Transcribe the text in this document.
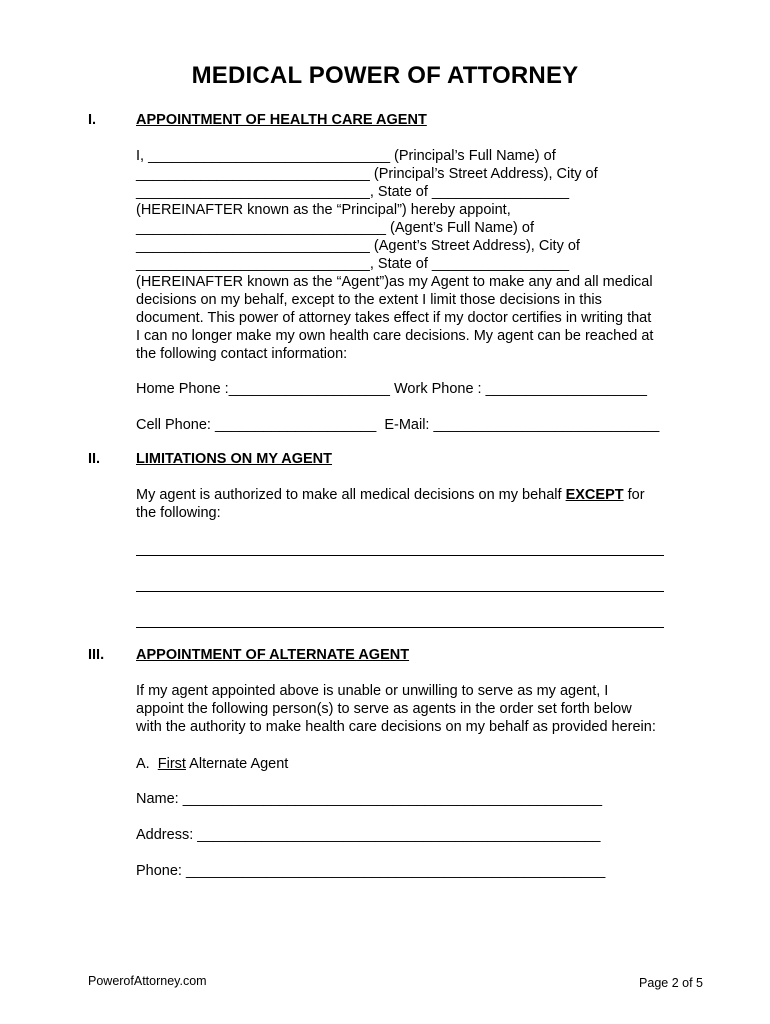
MEDICAL POWER OF ATTORNEY
I.	APPOINTMENT OF HEALTH CARE AGENT
I, ______________________________ (Principal’s Full Name) of
_____________________________ (Principal’s Street Address), City of
_____________________________, State of _________________
(HEREINAFTER known as the “Principal”) hereby appoint,
_______________________________ (Agent’s Full Name) of
_____________________________ (Agent’s Street Address), City of
_____________________________, State of _________________
(HEREINAFTER known as the “Agent”)as my Agent to make any and all medical
decisions on my behalf, except to the extent I limit those decisions in this
document. This power of attorney takes effect if my doctor certifies in writing that
I can no longer make my own health care decisions. My agent can be reached at
the following contact information:
Home Phone :____________________ Work Phone : ____________________
Cell Phone: ____________________  E-Mail: ____________________________
II. LIMITATIONS ON MY AGENT
My agent is authorized to make all medical decisions on my behalf EXCEPT for
the following:
III. APPOINTMENT OF ALTERNATE AGENT
If my agent appointed above is unable or unwilling to serve as my agent, I
appoint the following person(s) to serve as agents in the order set forth below
with the authority to make health care decisions on my behalf as provided herein:
A.  First Alternate Agent
Name: ____________________________________________________
Address: __________________________________________________
Phone: ____________________________________________________
PowerofAttorney.com	Page 2 of 5
